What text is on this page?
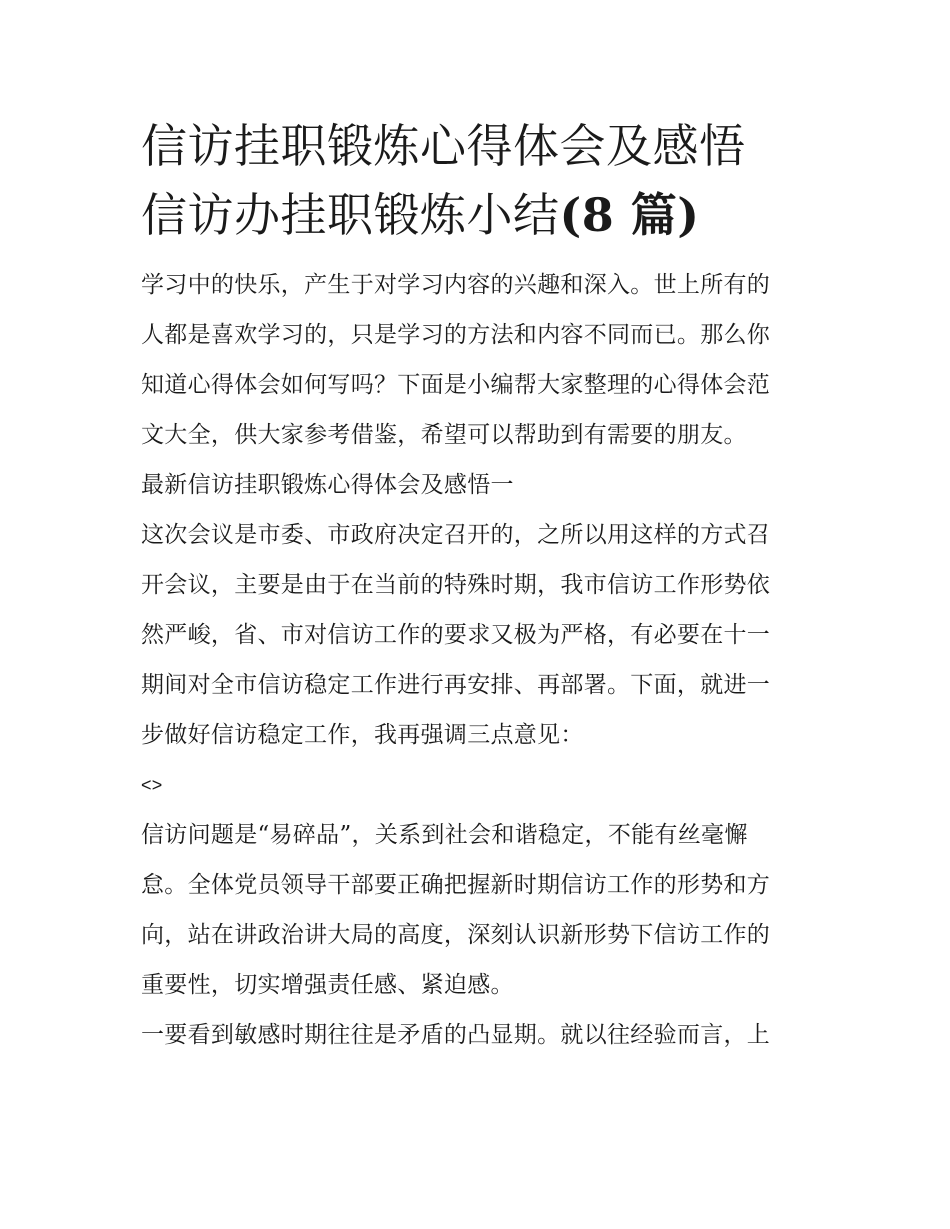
信访挂职锻炼心得体会及感悟
信访办挂职锻炼小结(8 篇)

学习中的快乐，产生于对学习内容的兴趣和深入。世上所有的

人都是喜欢学习的，只是学习的方法和内容不同而已。那么你

知道心得体会如何写吗？下面是小编帮大家整理的心得体会范

文大全，供大家参考借鉴，希望可以帮助到有需要的朋友。

最新信访挂职锻炼心得体会及感悟一

这次会议是市委、市政府决定召开的，之所以用这样的方式召

开会议，主要是由于在当前的特殊时期，我市信访工作形势依

然严峻，省、市对信访工作的要求又极为严格，有必要在十一

期间对全市信访稳定工作进行再安排、再部署。下面，就进一

步做好信访稳定工作，我再强调三点意见：

<>

信访问题是“易碎品”，关系到社会和谐稳定，不能有丝毫懈

怠。全体党员领导干部要正确把握新时期信访工作的形势和方

向，站在讲政治讲大局的高度，深刻认识新形势下信访工作的

重要性，切实增强责任感、紧迫感。

一要看到敏感时期往往是矛盾的凸显期。就以往经验而言，上
